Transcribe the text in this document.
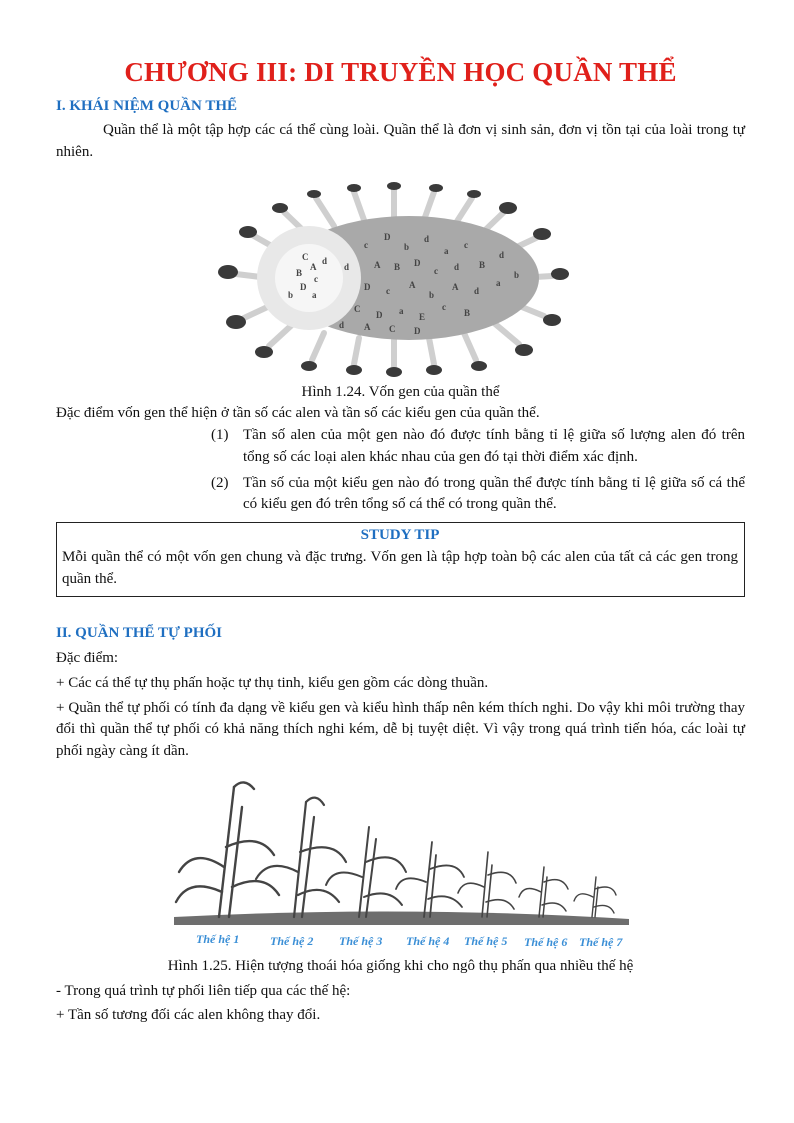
CHƯƠNG III: DI TRUYỀN HỌC QUẦN THỂ
I. KHÁI NIỆM QUẦN THỂ

Quần thể là một tập hợp các cá thể cùng loài. Quần thể là đơn vị sinh sản, đơn vị tồn tại của loài trong tự nhiên.

C
A
B
c
D
a
b
d
c
D
b
d
a
c
A B D
c d B
d
D c
A
b
A d
a
C
D a
E
c
B
b
d
d A C D
Hình 1.24. Vốn gen của quần thể

Đặc điểm vốn gen thể hiện ở tần số các alen và tần số các kiểu gen của quần thể.

(1) Tần số alen của một gen nào đó được tính bằng tỉ lệ giữa số lượng alen đó trên tổng số các loại alen khác nhau của gen đó tại thời điểm xác định.
(2) Tần số của một kiểu gen nào đó trong quần thể được tính bằng tỉ lệ giữa số cá thể có kiểu gen đó trên tổng số cá thể có trong quần thể.
STUDY TIP

Mỗi quần thể có một vốn gen chung và đặc trưng. Vốn gen là tập hợp toàn bộ các alen của tất cả các gen trong quần thể.

II. QUẦN THỂ TỰ PHỐI

Đặc điểm:

+ Các cá thể tự thụ phấn hoặc tự thụ tinh, kiểu gen gồm các dòng thuần.

+ Quần thể tự phối có tính đa dạng về kiểu gen và kiểu hình thấp nên kém thích nghi. Do vậy khi môi trường thay đổi thì quần thể tự phối có khả năng thích nghi kém, dễ bị tuyệt diệt. Vì vậy trong quá trình tiến hóa, các loài tự phối ngày càng ít dần.

Thế hệ 1	Thế hệ 2 Thế hệ 3 Thế hệ 4 Thế hệ 5 Thế hệ 6 Thế hệ 7
Hình 1.25. Hiện tượng thoái hóa giống khi cho ngô thụ phấn qua nhiều thế hệ

- Trong quá trình tự phối liên tiếp qua các thế hệ:

+ Tần số tương đối các alen không thay đổi.
